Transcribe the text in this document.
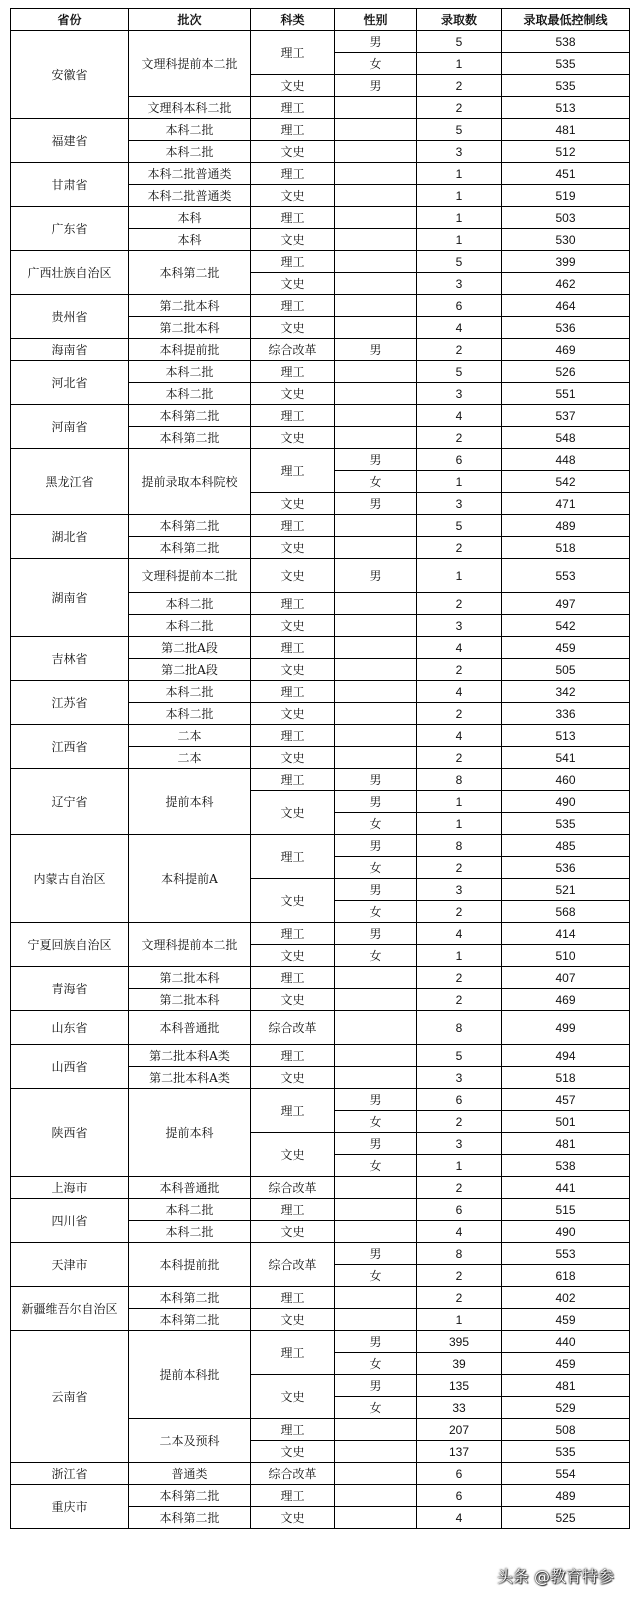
省份	批次	科类	性别	录取数	录取最低控制线
安徽省	文理科提前本二批	理工	男	5	538
			女	1	535
		文史	男	2	535
	文理科本科二批	理工		2	513
福建省	本科二批	理工		5	481
	本科二批	文史		3	512
甘肃省	本科二批普通类	理工		1	451
	本科二批普通类	文史		1	519
广东省	本科	理工		1	503
	本科	文史		1	530
广西壮族自治区	本科第二批	理工		5	399
		文史		3	462
贵州省	第二批本科	理工		6	464
	第二批本科	文史		4	536
海南省	本科提前批	综合改革	男	2	469
河北省	本科二批	理工		5	526
	本科二批	文史		3	551
河南省	本科第二批	理工		4	537
	本科第二批	文史		2	548
黑龙江省	提前录取本科院校	理工	男	6	448
			女	1	542
		文史	男	3	471
湖北省	本科第二批	理工		5	489
	本科第二批	文史		2	518
湖南省	文理科提前本二批	文史	男	1	553
	本科二批	理工		2	497
	本科二批	文史		3	542
吉林省	第二批A段	理工		4	459
	第二批A段	文史		2	505
江苏省	本科二批	理工		4	342
	本科二批	文史		2	336
江西省	二本	理工		4	513
	二本	文史		2	541
辽宁省	提前本科	理工	男	8	460
		文史	男	1	490
			女	1	535
内蒙古自治区	本科提前A	理工	男	8	485
			女	2	536
		文史	男	3	521
			女	2	568
宁夏回族自治区	文理科提前本二批	理工	男	4	414
		文史	女	1	510
青海省	第二批本科	理工		2	407
	第二批本科	文史		2	469
山东省	本科普通批	综合改革		8	499
山西省	第二批本科A类	理工		5	494
	第二批本科A类	文史		3	518
陕西省	提前本科	理工	男	6	457
			女	2	501
		文史	男	3	481
			女	1	538
上海市	本科普通批	综合改革		2	441
四川省	本科二批	理工		6	515
	本科二批	文史		4	490
天津市	本科提前批	综合改革	男	8	553
			女	2	618
新疆维吾尔自治区	本科第二批	理工		2	402
	本科第二批	文史		1	459
云南省	提前本科批	理工	男	395	440
			女	39	459
		文史	男	135	481
			女	33	529
	二本及预科	理工		207	508
		文史		137	535
浙江省	普通类	综合改革		6	554
重庆市	本科第二批	理工		6	489
	本科第二批	文史		4	525
头条 @教育特参
